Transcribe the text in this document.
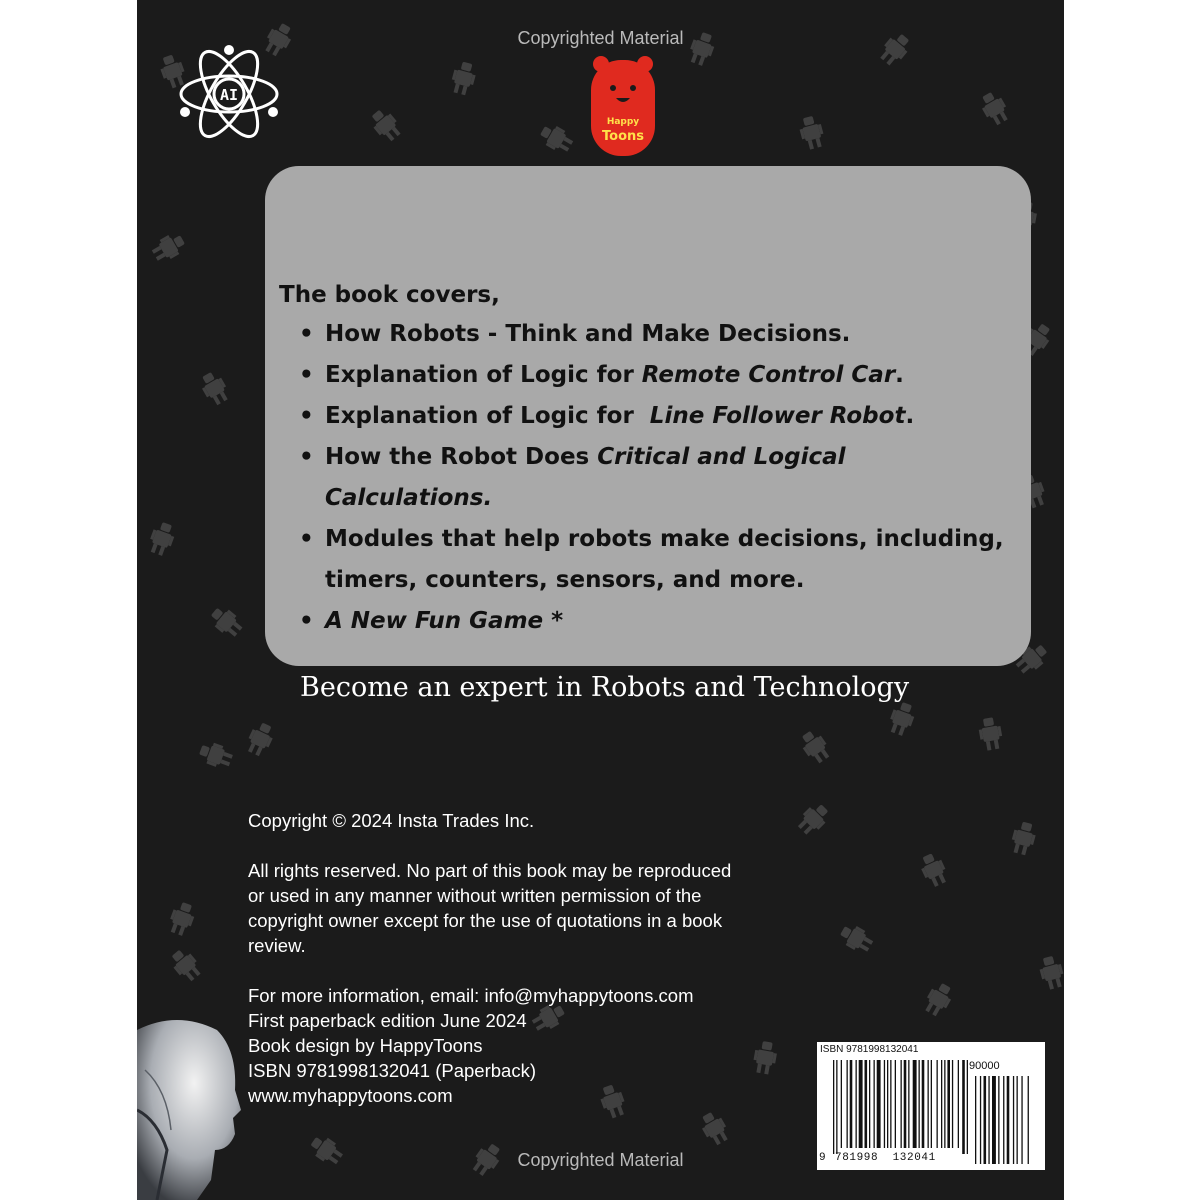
Copyrighted Material
AI
Happy
Toons
The book covers,
• How Robots - Think and Make Decisions.
• Explanation of Logic for Remote Control Car.
• Explanation of Logic for  Line Follower Robot.
• How the Robot Does Critical and Logical
Calculations.
• Modules that help robots make decisions, including,
timers, counters, sensors, and more.
• A New Fun Game *
Become an expert in Robots and Technology
Copyright © 2024 Insta Trades Inc.
All rights reserved. No part of this book may be reproduced
or used in any manner without written permission of the
copyright owner except for the use of quotations in a book
review.
For more information, email: info@myhappytoons.com
First paperback edition June 2024
Book design by HappyToons
ISBN 9781998132041 (Paperback)
www.myhappytoons.com
ISBN 9781998132041
90000
9 781998  132041
Copyrighted Material
